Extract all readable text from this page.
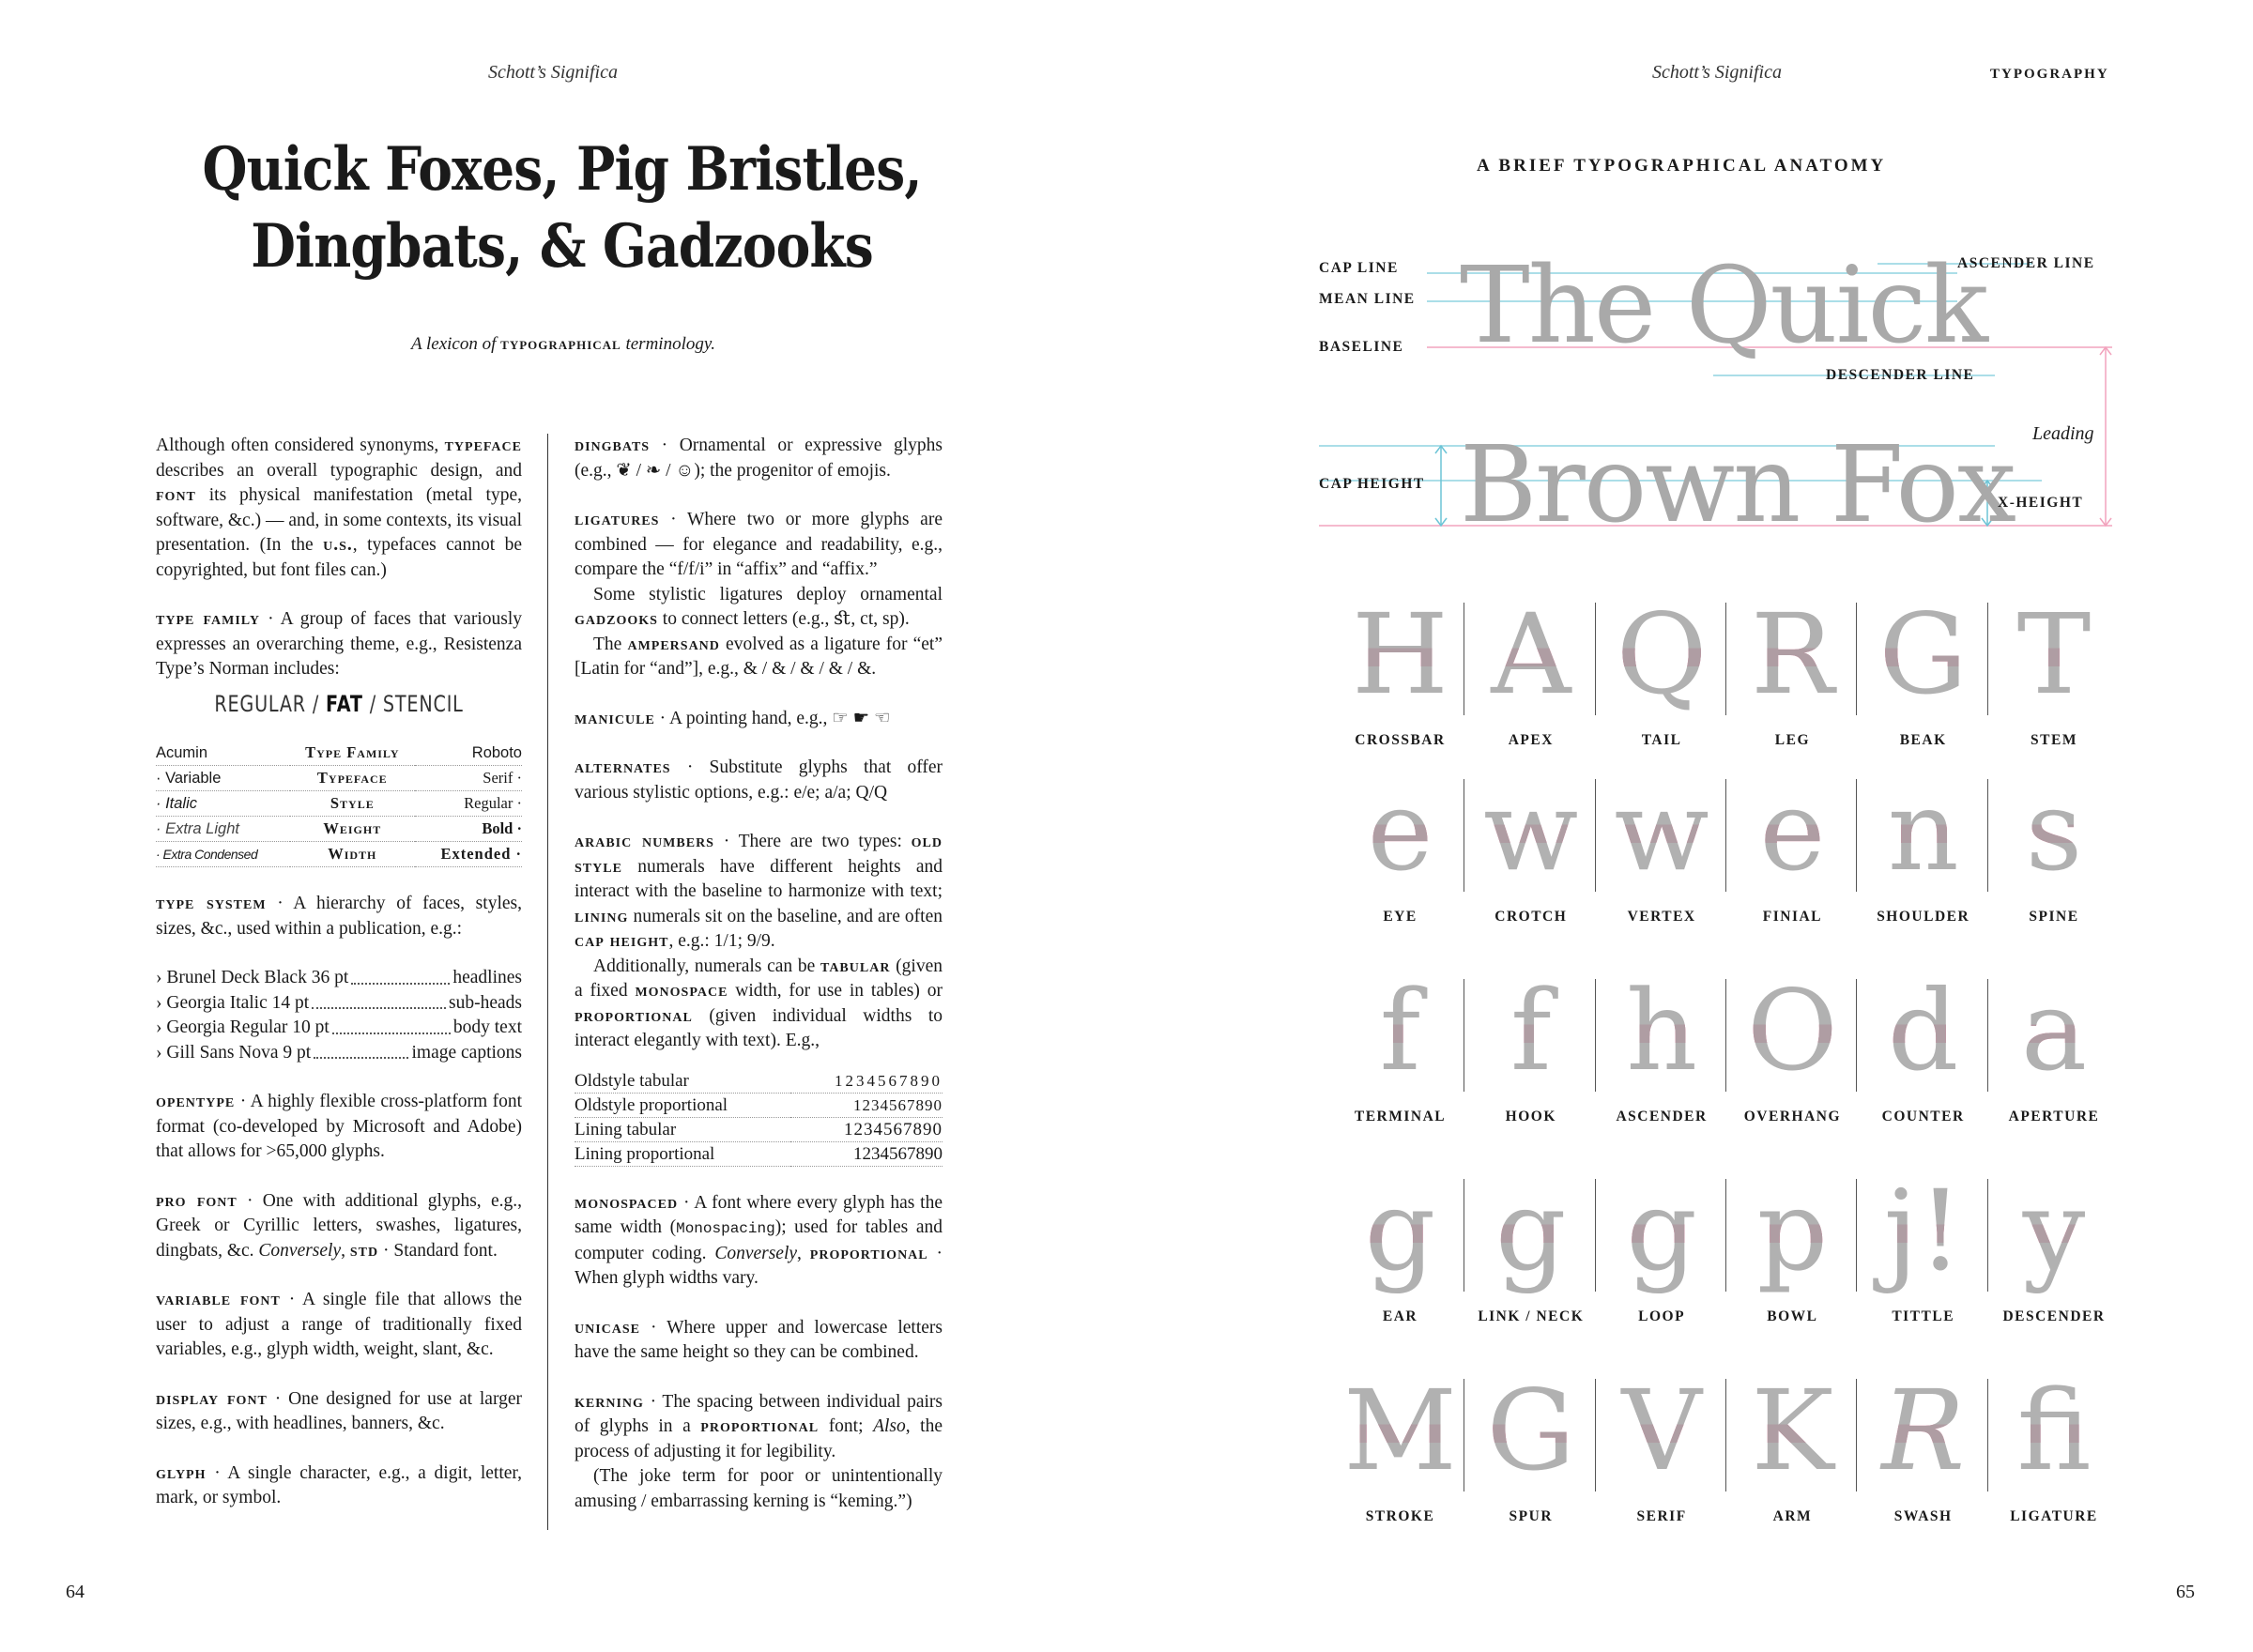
Schott’s Significa
Quick Foxes, Pig Bristles,
Dingbats, & Gadzooks
A lexicon of typographical terminology.

Although often considered synonyms, typeface describes an overall typographic design, and font its physical manifestation (metal type, software, &c.) — and, in some contexts, its visual presentation. (In the u.s., typefaces cannot be copyrighted, but font files can.)

type family · A group of faces that variously expresses an overarching theme, e.g., Resistenza Type’s Norman includes:

REGULAR / FAT / STENCIL
Acumin	Type Family	Roboto
· Variable	Typeface	Serif ·
· Italic	Style	Regular ·
· Extra Light	Weight	Bold ·
· Extra Condensed	Width	Extended ·

type system · A hierarchy of faces, styles, sizes, &c., used within a publication, e.g.:

› Brunel Deck Black 36 pt	headlines
› Georgia Italic 14 pt	sub-heads
› Georgia Regular 10 pt	body text
› Gill Sans Nova 9 pt	image captions

opentype · A highly flexible cross-platform font format (co-developed by Microsoft and Adobe) that allows for >65,000 glyphs.

pro font · One with additional glyphs, e.g., Greek or Cyrillic letters, swashes, ligatures, dingbats, &c. Conversely, std · Standard font.

variable font · A single file that allows the user to adjust a range of traditionally fixed variables, e.g., glyph width, weight, slant, &c.

display font · One designed for use at larger sizes, e.g., with headlines, banners, &c.

glyph · A single character, e.g., a digit, letter, mark, or symbol.

dingbats · Ornamental or expressive glyphs (e.g., ❦ / ❧ / ☺); the progenitor of emojis.

ligatures · Where two or more glyphs are combined — for elegance and readability, e.g., compare the “f/f/i” in “affix” and “affix.”

Some stylistic ligatures deploy ornamental gadzooks to connect letters (e.g., ﬆ, ct, sp).

The ampersand evolved as a ligature for “et” [Latin for “and”], e.g., & / & / & / & / &.

manicule · A pointing hand, e.g., ☞ ☛ ☜

alternates · Substitute glyphs that offer various stylistic options, e.g.: e/e; a/a; Q/Q

arabic numbers · There are two types: old style numerals have different heights and interact with the baseline to harmonize with text; lining numerals sit on the baseline, and are often cap height, e.g.: 1/1; 9/9.

Additionally, numerals can be tabular (given a fixed monospace width, for use in tables) or proportional (given individual widths to interact elegantly with text). E.g.,

Oldstyle tabular	1234567890
Oldstyle proportional	1234567890
Lining tabular	1234567890
Lining proportional	1234567890

monospaced · A font where every glyph has the same width (Monospacing); used for tables and computer coding. Conversely, proportional · When glyph widths vary.

unicase · Where upper and lowercase letters have the same height so they can be combined.

kerning · The spacing between individual pairs of glyphs in a proportional font; Also, the process of adjusting it for legibility.

(The joke term for poor or unintentionally amusing / embarrassing kerning is “keming.”)

64
Schott’s Significa	TYPOGRAPHY
A BRIEF TYPOGRAPHICAL ANATOMY
65
The Quick
Brown Fox
CAP LINE
MEAN LINE
BASELINE
ASCENDER LINE
DESCENDER LINE
CAP HEIGHT
X-HEIGHT
Leading
H
CROSSBAR
A
APEX
Q
TAIL
R
LEG
G
BEAK
T
STEM
e
EYE
w
CROTCH
w
VERTEX
e
FINIAL
n
SHOULDER
s
SPINE
f
TERMINAL
f
HOOK
h
ASCENDER
O
OVERHANG
d
COUNTER
a
APERTURE
g
EAR
g
LINK / NECK
g
LOOP
p
BOWL
j!
TITTLE
y
DESCENDER
M
STROKE
G
SPUR
V
SERIF
K
ARM
R
SWASH
ﬁ
LIGATURE
